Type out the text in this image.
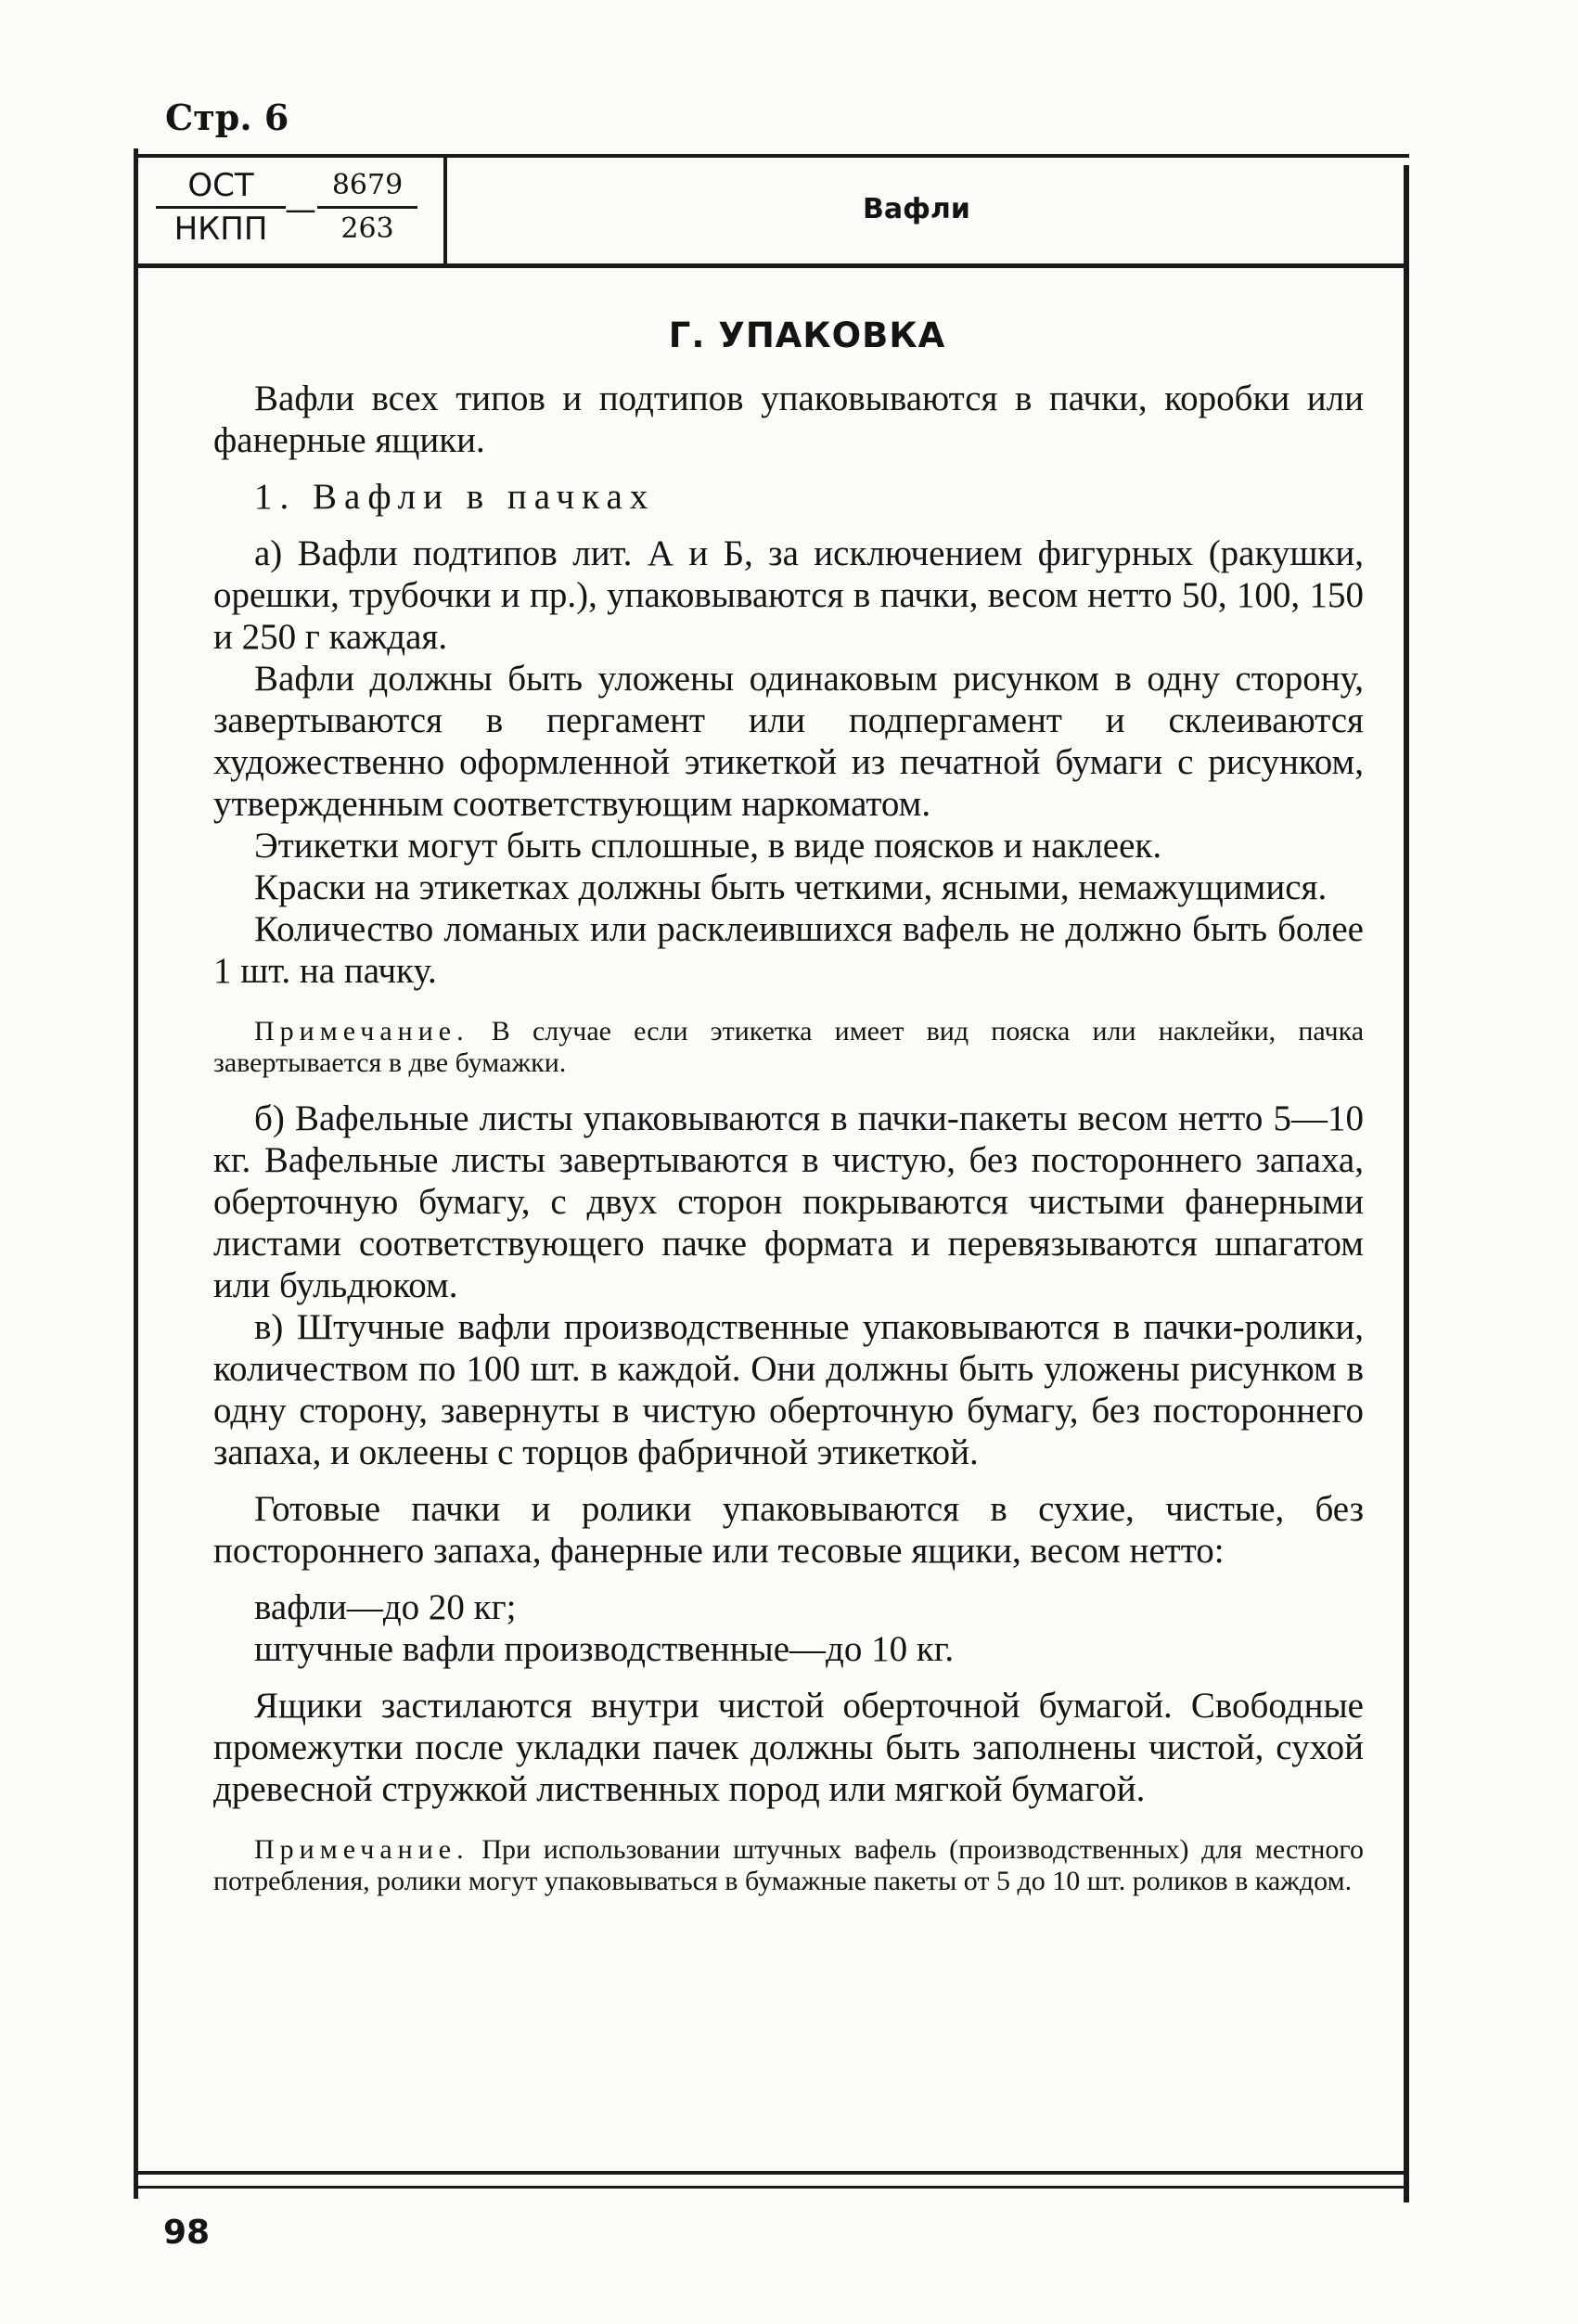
Стр. 6
ОСТ
НКПП
—
8679
263
Вафли
Г. УПАКОВКА

Вафли всех типов и подтипов упаковываются в пачки, коробки или фанерные ящики.

1. Вафли в пачках

а) Вафли подтипов лит. А и Б, за исключением фигурных (ракушки, орешки, трубочки и пр.), упаковываются в пачки, весом нетто 50, 100, 150 и 250 г каждая.

Вафли должны быть уложены одинаковым рисунком в одну сторону, завертываются в пергамент или подпергамент и склеиваются художественно оформленной этикеткой из печатной бумаги с рисунком, утвержденным соответствующим наркоматом.

Этикетки могут быть сплошные, в виде поясков и наклеек.

Краски на этикетках должны быть четкими, ясными, немажущимися.

Количество ломаных или расклеившихся вафель не должно быть более 1 шт. на пачку.

Примечание. В случае если этикетка имеет вид пояска или наклейки, пачка завертывается в две бумажки.

б) Вафельные листы упаковываются в пачки-пакеты весом нетто 5—10 кг. Вафельные листы завертываются в чистую, без постороннего запаха, оберточную бумагу, с двух сторон покрываются чистыми фанерными листами соответствующего пачке формата и перевязываются шпагатом или бульдюком.

в) Штучные вафли производственные упаковываются в пачки-ролики, количеством по 100 шт. в каждой. Они должны быть уложены рисунком в одну сторону, завернуты в чистую оберточную бумагу, без постороннего запаха, и оклеены с торцов фабричной этикеткой.

Готовые пачки и ролики упаковываются в сухие, чистые, без постороннего запаха, фанерные или тесовые ящики, весом нетто:

вафли—до 20 кг;

штучные вафли производственные—до 10 кг.

Ящики застилаются внутри чистой оберточной бумагой. Свободные промежутки после укладки пачек должны быть заполнены чистой, сухой древесной стружкой лиственных пород или мягкой бумагой.

Примечание. При использовании штучных вафель (производственных) для местного потребления, ролики могут упаковываться в бумажные пакеты от 5 до 10 шт. роликов в каждом.
98
